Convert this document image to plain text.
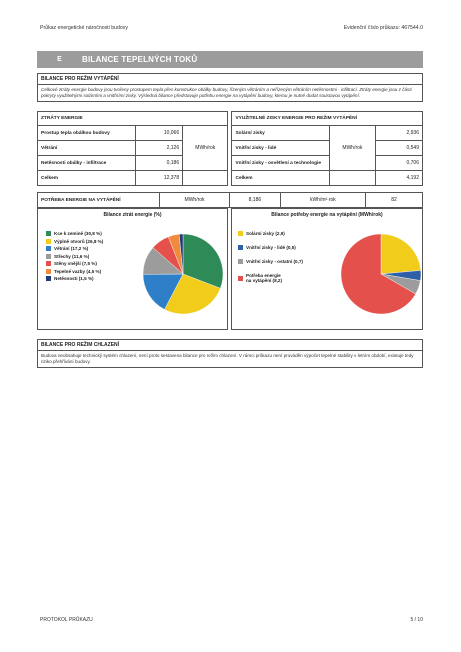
Průkaz energetické náročnosti budovy	Evidenční číslo průkazu: 467544.0
E	BILANCE TEPELNÝCH TOKŮ
BILANCE PRO REŽIM VYTÁPĚNÍ
Celkové ztráty energie budovy jsou tvořeny prostupem tepla přes konstrukce obálky budovy, řízeným větráním a neřízeným větráním netěsnostmi - infiltrací. Ztráty energie jsou z části pokryty využitelnými solárními a vnitřními zisky. Výsledná bilance představuje potřebu energie na vytápění budovy, kterou je nutné dodat soustavou vytápění.
ZTRÁTY ENERGIE				VYUŽITELNÉ ZISKY ENERGIE PRO REŽIM VYTÁPĚNÍ		
Prostup tepla obálkou budovy	10,066	MWh/rok		Solární zisky	MWh/rok	2,936
Větrání	2,126			Vnitřní zisky - lidé		0,549
Netěsnosti obálky - infiltrace	0,186			Vnitřní zisky - osvětlení a technologie		0,706
Celkem	12,378			Celkem		4,192
POTŘEBA ENERGIE NA VYTÁPĚNÍ	MWh/rok	8,186	kWh/m²·rok	82
Bilance ztrát energie (%)
Kce k zemině (30,8 %)
Výplně otvorů (26,8 %)
Větrání (17,2 %)
Střechy (11,6 %)
Stěny vnější (7,5 %)
Tepelné vazby (4,5 %)
Netěsnosti (1,5 %)
Bilance potřeby energie na vytápění (MWh/rok)
Solární zisky (2,9)
Vnitřní zisky - lidé (0,5)
Vnitřní zisky - ostatní (0,7)
Potřeba energie
na vytápění (8,2)
BILANCE PRO REŽIM CHLAZENÍ
Budova neobsahuje technický systém chlazení, není proto sestavena bilance pro režim chlazení. V rámci průkazu není prováděn výpočet tepelné stability v letním období, existuje tedy riziko přehřívání budovy.
PROTOKOL PRŮKAZU	5 / 10
